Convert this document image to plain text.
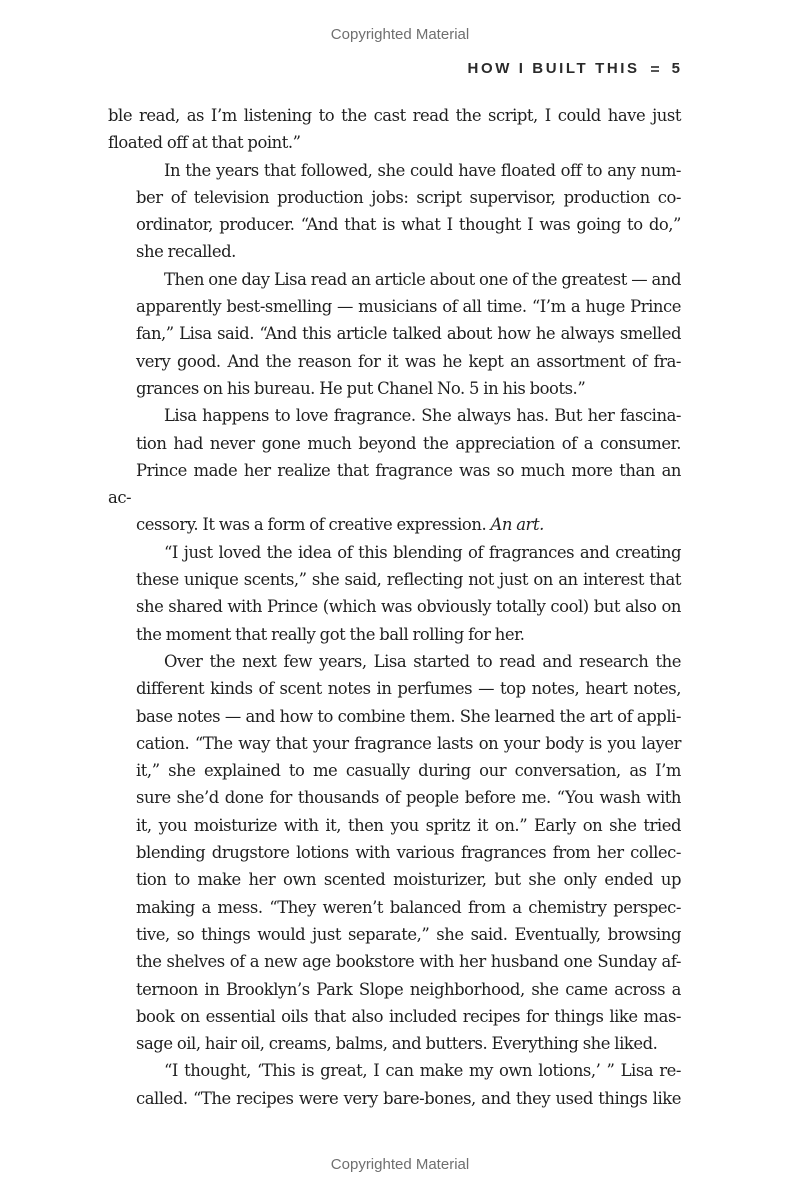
Copyrighted Material
HOW I BUILT THIS 5

ble read, as I’m listening to the cast read the script, I could have just
floated off at that point.”

In the years that followed, she could have floated off to any num-
ber of television production jobs: script supervisor, production co-
ordinator, producer. “And that is what I thought I was going to do,”
she recalled.

Then one day Lisa read an article about one of the greatest — and
apparently best-smelling — musicians of all time. “I’m a huge Prince
fan,” Lisa said. “And this article talked about how he always smelled
very good. And the reason for it was he kept an assortment of fra-
grances on his bureau. He put Chanel No. 5 in his boots.”

Lisa happens to love fragrance. She always has. But her fascina-
tion had never gone much beyond the appreciation of a consumer.
Prince made her realize that fragrance was so much more than an ac-
cessory. It was a form of creative expression. An art.

“I just loved the idea of this blending of fragrances and creating
these unique scents,” she said, reflecting not just on an interest that
she shared with Prince (which was obviously totally cool) but also on
the moment that really got the ball rolling for her.

Over the next few years, Lisa started to read and research the
different kinds of scent notes in perfumes — top notes, heart notes,
base notes — and how to combine them. She learned the art of appli-
cation. “The way that your fragrance lasts on your body is you layer
it,” she explained to me casually during our conversation, as I’m
sure she’d done for thousands of people before me. “You wash with
it, you moisturize with it, then you spritz it on.” Early on she tried
blending drugstore lotions with various fragrances from her collec-
tion to make her own scented moisturizer, but she only ended up
making a mess. “They weren’t balanced from a chemistry perspec-
tive, so things would just separate,” she said. Eventually, browsing
the shelves of a new age bookstore with her husband one Sunday af-
ternoon in Brooklyn’s Park Slope neighborhood, she came across a
book on essential oils that also included recipes for things like mas-
sage oil, hair oil, creams, balms, and butters. Everything she liked.

“I thought, ‘This is great, I can make my own lotions,’ ” Lisa re-
called. “The recipes were very bare-bones, and they used things like

Copyrighted Material
